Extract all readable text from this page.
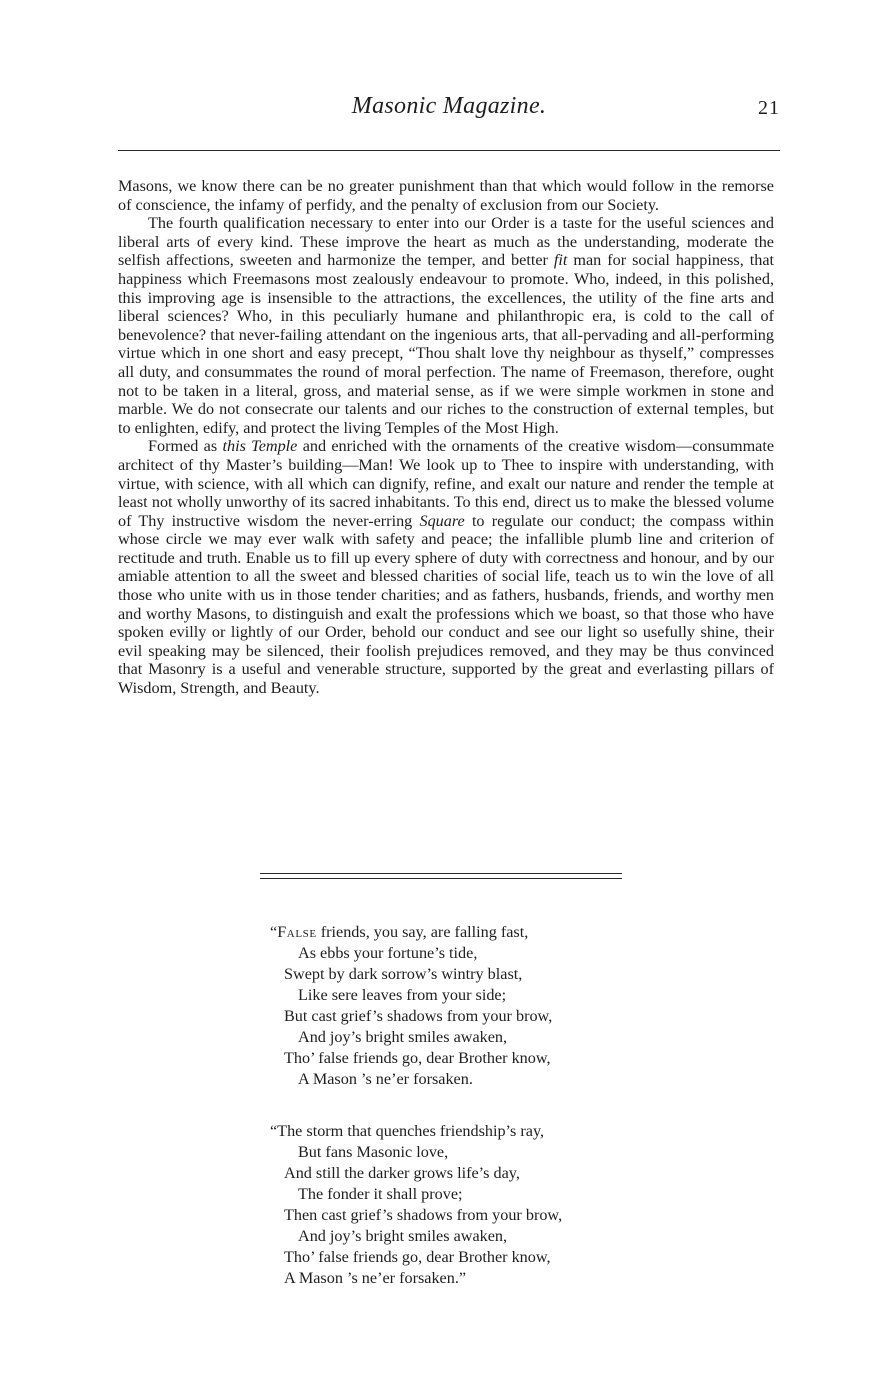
Masonic Magazine.	21

Masons, we know there can be no greater punishment than that which would follow in the remorse of conscience, the infamy of perfidy, and the penalty of exclusion from our Society.

The fourth qualification necessary to enter into our Order is a taste for the useful sciences and liberal arts of every kind. These improve the heart as much as the understanding, moderate the selfish affections, sweeten and harmonize the temper, and better fit man for social happiness, that happiness which Freemasons most zealously endeavour to promote. Who, indeed, in this polished, this improving age is insensible to the attractions, the excellences, the utility of the fine arts and liberal sciences? Who, in this peculiarly humane and philanthropic era, is cold to the call of benevolence? that never-failing attendant on the ingenious arts, that all-pervading and all-performing virtue which in one short and easy precept, “Thou shalt love thy neighbour as thyself,” compresses all duty, and consummates the round of moral perfection. The name of Freemason, therefore, ought not to be taken in a literal, gross, and material sense, as if we were simple workmen in stone and marble. We do not consecrate our talents and our riches to the construction of external temples, but to enlighten, edify, and protect the living Temples of the Most High.

Formed as this Temple and enriched with the ornaments of the creative wisdom—consummate architect of thy Master’s building—Man! We look up to Thee to inspire with understanding, with virtue, with science, with all which can dignify, refine, and exalt our nature and render the temple at least not wholly unworthy of its sacred inhabitants. To this end, direct us to make the blessed volume of Thy instructive wisdom the never-erring Square to regulate our conduct; the compass within whose circle we may ever walk with safety and peace; the infallible plumb line and criterion of rectitude and truth. Enable us to fill up every sphere of duty with correctness and honour, and by our amiable attention to all the sweet and blessed charities of social life, teach us to win the love of all those who unite with us in those tender charities; and as fathers, husbands, friends, and worthy men and worthy Masons, to distinguish and exalt the professions which we boast, so that those who have spoken evilly or lightly of our Order, behold our conduct and see our light so usefully shine, their evil speaking may be silenced, their foolish prejudices removed, and they may be thus convinced that Masonry is a useful and venerable structure, supported by the great and everlasting pillars of Wisdom, Strength, and Beauty.

“False friends, you say, are falling fast,
As ebbs your fortune’s tide,
Swept by dark sorrow’s wintry blast,
Like sere leaves from your side;
But cast grief’s shadows from your brow,
And joy’s bright smiles awaken,
Tho’ false friends go, dear Brother know,
A Mason ’s ne’er forsaken.
“The storm that quenches friendship’s ray,
But fans Masonic love,
And still the darker grows life’s day,
The fonder it shall prove;
Then cast grief’s shadows from your brow,
And joy’s bright smiles awaken,
Tho’ false friends go, dear Brother know,
A Mason ’s ne’er forsaken.”
